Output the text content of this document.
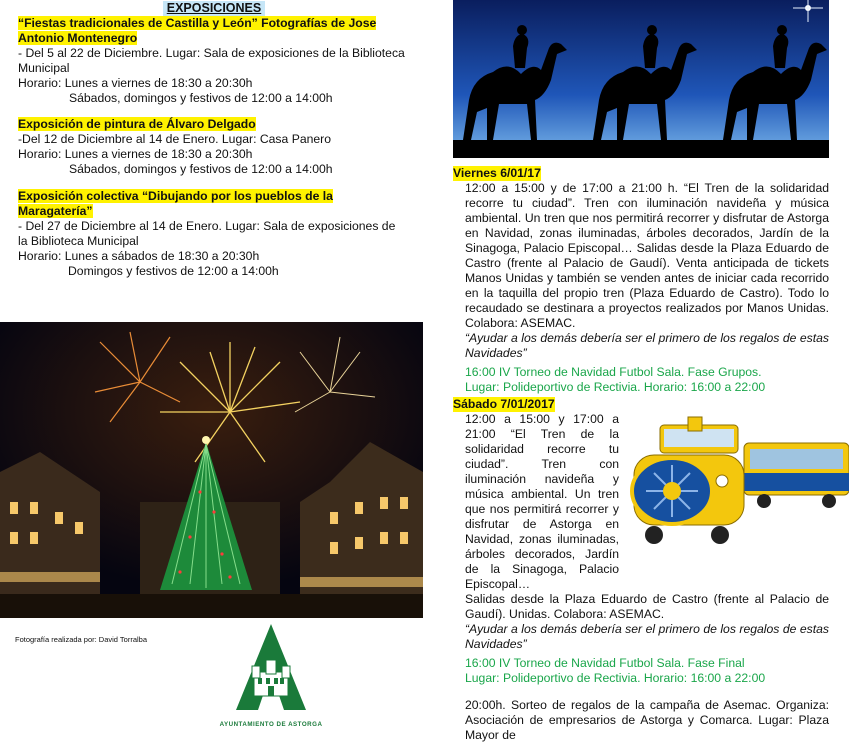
EXPOSICIONES

“Fiestas tradicionales de Castilla y León” Fotografías de Jose Antonio Montenegro

- Del 5 al 22 de Diciembre. Lugar: Sala de exposiciones de la Biblioteca Municipal

Horario: Lunes a viernes de 18:30 a 20:30h

Sábados, domingos y festivos de 12:00 a 14:00h

Exposición de pintura de Álvaro Delgado

-Del 12 de Diciembre al 14 de Enero. Lugar: Casa Panero

Horario: Lunes a viernes de 18:30 a 20:30h

Sábados, domingos y festivos de 12:00 a 14:00h

Exposición colectiva “Dibujando por los pueblos de la Maragatería”

- Del 27 de Diciembre al 14 de Enero. Lugar: Sala de exposiciones de la Biblioteca Municipal

Horario: Lunes a sábados de 18:30 a 20:30h

Domingos y festivos de 12:00 a 14:00h

Viernes 6/01/17

12:00 a 15:00 y de 17:00 a 21:00 h. “El Tren de la solidaridad recorre tu ciudad”. Tren con iluminación navideña y música ambiental. Un tren que nos permitirá recorrer y disfrutar de Astorga en Navidad, zonas iluminadas, árboles decorados, Jardín de la Sinagoga, Palacio Episcopal… Salidas desde la Plaza Eduardo de Castro (frente al Palacio de Gaudí). Venta anticipada de tickets Manos Unidas y también se venden antes de iniciar cada recorrido en la taquilla del propio tren (Plaza Eduardo de Castro). Todo lo recaudado se destinara a proyectos realizados por Manos Unidas. Colabora: ASEMAC.

“Ayudar a los demás debería ser el primero de los regalos de estas Navidades”

16:00 IV Torneo de Navidad Futbol Sala. Fase Grupos.

Lugar: Polideportivo de Rectivia. Horario: 16:00 a 22:00

Sábado 7/01/2017

12:00 a 15:00 y 17:00 a 21:00 “El Tren de la solidaridad recorre tu ciudad”. Tren con iluminación navideña y música ambiental. Un tren que nos permitirá recorrer y disfrutar de Astorga en Navidad, zonas iluminadas, árboles decorados, Jardín de la Sinagoga, Palacio Episcopal…

Salidas desde la Plaza Eduardo de Castro (frente al Palacio de Gaudí). Unidas. Colabora: ASEMAC.

“Ayudar a los demás debería ser el primero de los regalos de estas Navidades”

16:00 IV Torneo de Navidad Futbol Sala. Fase Final

Lugar: Polideportivo de Rectivia. Horario: 16:00 a 22:00

20:00h. Sorteo de regalos de la campaña de Asemac. Organiza: Asociación de empresarios de Astorga y Comarca. Lugar: Plaza Mayor de

Fotografía realizada por: David Torralba
AYUNTAMIENTO DE ASTORGA
